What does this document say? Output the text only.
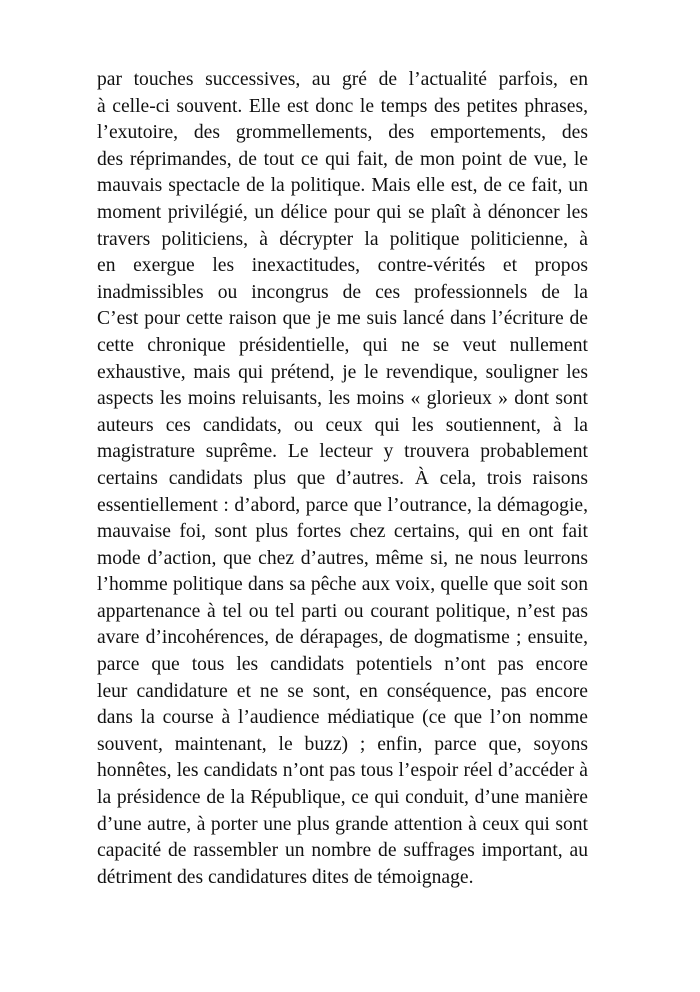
par touches successives, au gré de l’actualité parfois, en
à celle-ci souvent. Elle est donc le temps des petites phrases,
l’exutoire, des grommellements, des emportements, des
des réprimandes, de tout ce qui fait, de mon point de vue, le
mauvais spectacle de la politique. Mais elle est, de ce fait, un
moment privilégié, un délice pour qui se plaît à dénoncer les
travers politiciens, à décrypter la politique politicienne, à
en exergue les inexactitudes, contre-vérités et propos
inadmissibles ou incongrus de ces professionnels de la
C’est pour cette raison que je me suis lancé dans l’écriture de
cette chronique présidentielle, qui ne se veut nullement
exhaustive, mais qui prétend, je le revendique, souligner les
aspects les moins reluisants, les moins « glorieux » dont sont
auteurs ces candidats, ou ceux qui les soutiennent, à la
magistrature suprême. Le lecteur y trouvera probablement
certains candidats plus que d’autres. À cela, trois raisons
essentiellement : d’abord, parce que l’outrance, la démagogie,
mauvaise foi, sont plus fortes chez certains, qui en ont fait
mode d’action, que chez d’autres, même si, ne nous leurrons
l’homme politique dans sa pêche aux voix, quelle que soit son
appartenance à tel ou tel parti ou courant politique, n’est pas
avare d’incohérences, de dérapages, de dogmatisme ; ensuite,
parce que tous les candidats potentiels n’ont pas encore
leur candidature et ne se sont, en conséquence, pas encore
dans la course à l’audience médiatique (ce que l’on nomme
souvent, maintenant, le buzz) ; enfin, parce que, soyons
honnêtes, les candidats n’ont pas tous l’espoir réel d’accéder à
la présidence de la République, ce qui conduit, d’une manière
d’une autre, à porter une plus grande attention à ceux qui sont
capacité de rassembler un nombre de suffrages important, au
détriment des candidatures dites de témoignage.
